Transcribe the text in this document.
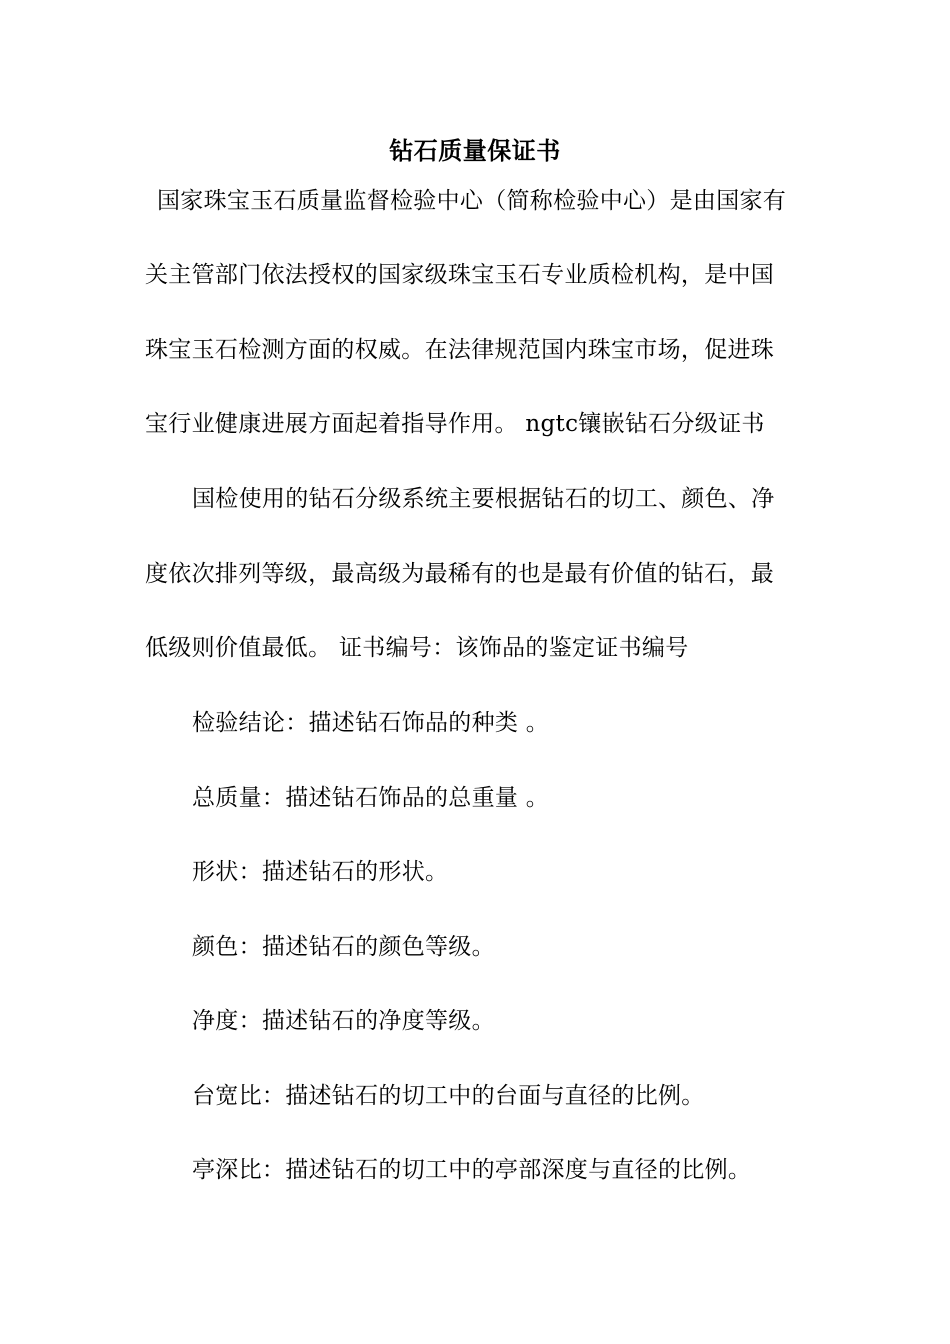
钻石质量保证书
国家珠宝玉石质量监督检验中心（简称检验中心）是由国家有
关主管部门依法授权的国家级珠宝玉石专业质检机构，是中国
珠宝玉石检测方面的权威。在法律规范国内珠宝市场，促进珠
宝行业健康进展方面起着指导作用。 ngtc镶嵌钻石分级证书
国检使用的钻石分级系统主要根据钻石的切工、颜色、净
度依次排列等级，最高级为最稀有的也是最有价值的钻石，最
低级则价值最低。 证书编号：该饰品的鉴定证书编号
检验结论：描述钻石饰品的种类 。
总质量：描述钻石饰品的总重量 。
形状：描述钻石的形状。
颜色：描述钻石的颜色等级。
净度：描述钻石的净度等级。
台宽比：描述钻石的切工中的台面与直径的比例。
亭深比：描述钻石的切工中的亭部深度与直径的比例。
